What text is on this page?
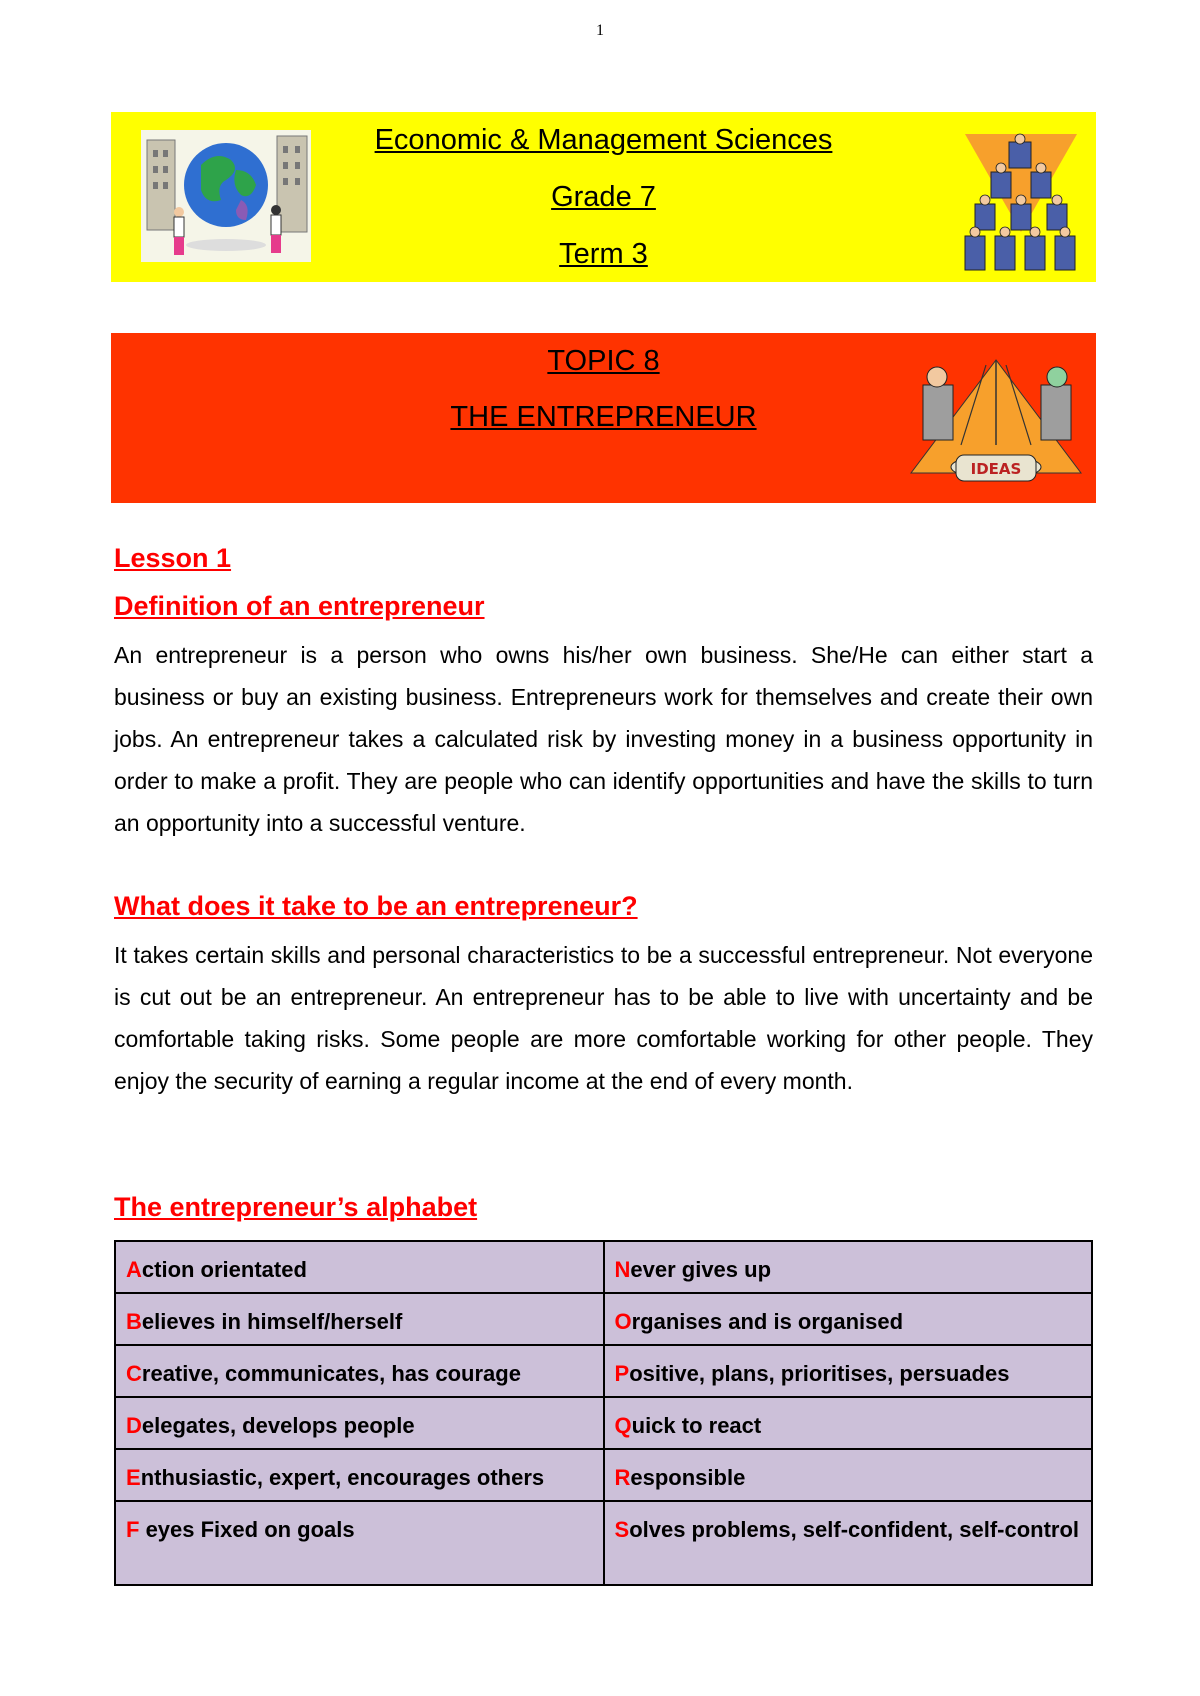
1
Economic & Management Sciences
Grade 7
Term 3
TOPIC 8
THE ENTREPRENEUR
IDEAS
Lesson 1
Definition of an entrepreneur
An entrepreneur is a person who owns his/her own business. She/He can either start a business or buy an existing business. Entrepreneurs work for themselves and create their own jobs. An entrepreneur takes a calculated risk by investing money in a business opportunity in order to make a profit. They are people who can identify opportunities and have the skills to turn an opportunity into a successful venture.
What does it take to be an entrepreneur?
It takes certain skills and personal characteristics to be a successful entrepreneur. Not everyone is cut out be an entrepreneur. An entrepreneur has to be able to live with uncertainty and be comfortable taking risks. Some people are more comfortable working for other people. They enjoy the security of earning a regular income at the end of every month.
The entrepreneur’s alphabet
Action orientated	Never gives up
Believes in himself/herself	Organises and is organised
Creative, communicates, has courage	Positive, plans, prioritises, persuades
Delegates, develops people	Quick to react
Enthusiastic, expert, encourages others	Responsible
F eyes Fixed on goals	Solves problems, self-confident, self-control
